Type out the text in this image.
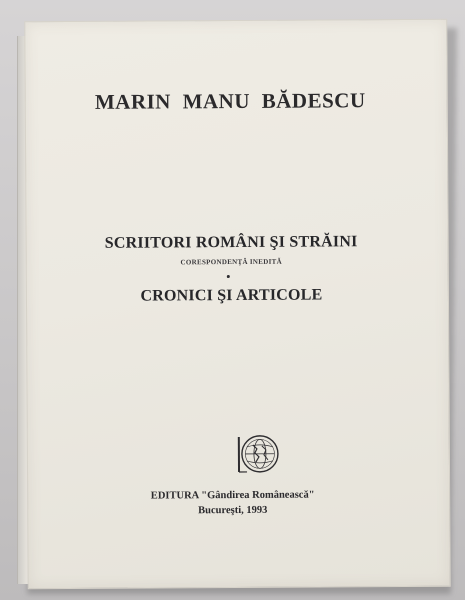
MARIN MANU BĂDESCU
SCRIITORI ROMÂNI ŞI STRĂINI
CORESPONDENŢĂ INEDITĂ
CRONICI ŞI ARTICOLE
EDITURA "Gândirea Românească"
Bucureşti, 1993
